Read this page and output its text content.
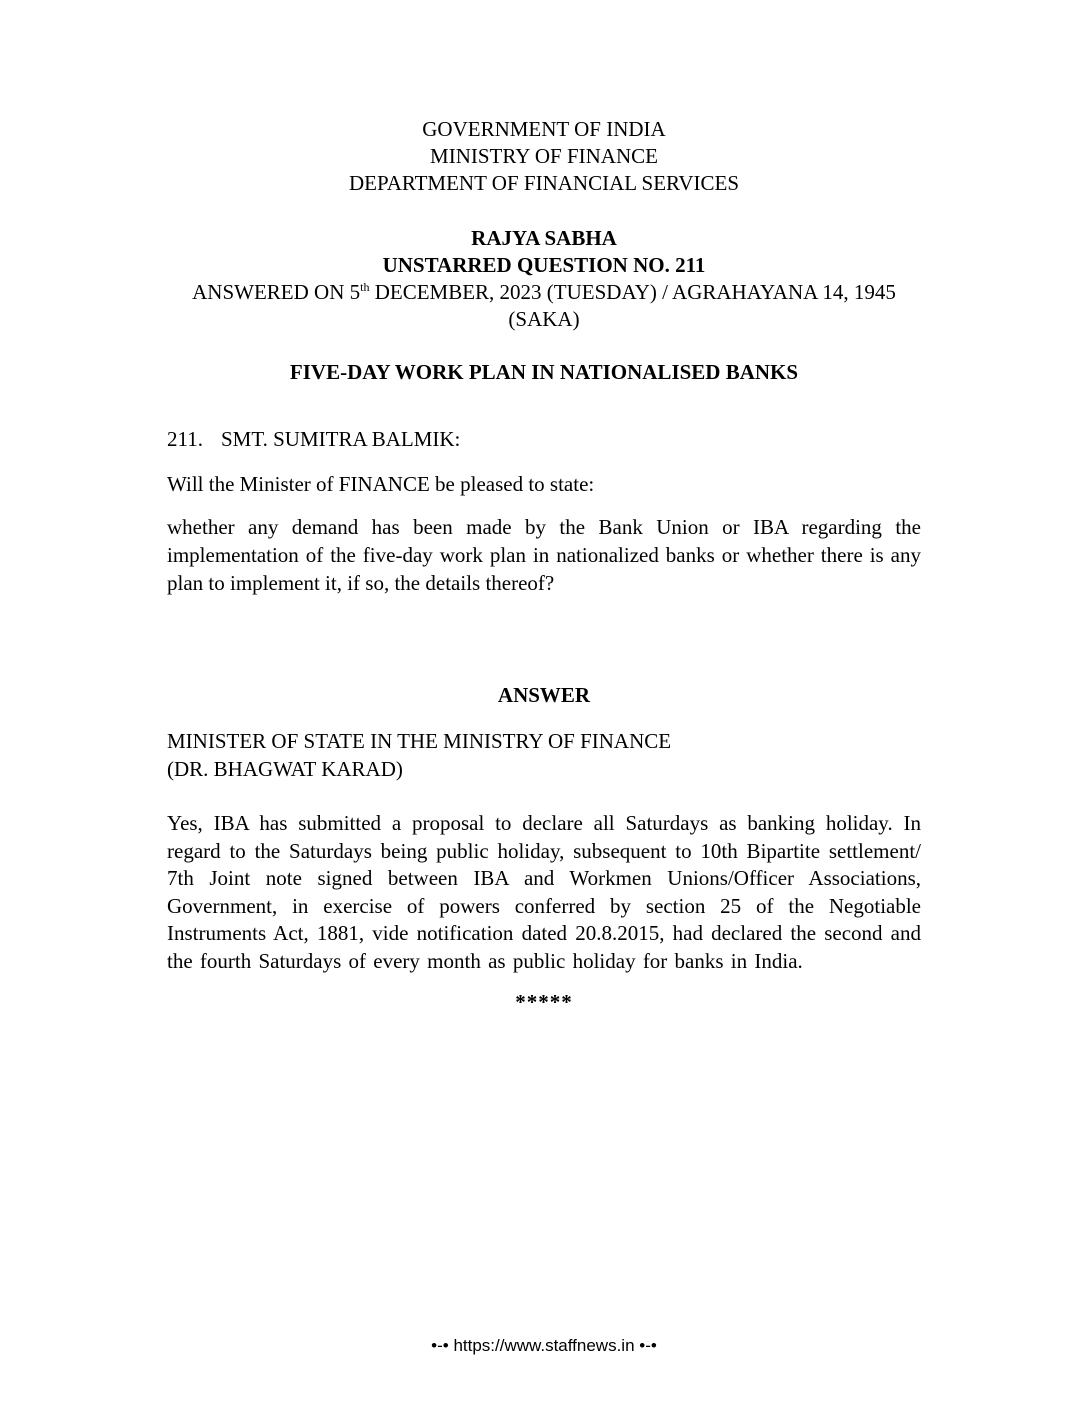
GOVERNMENT OF INDIA
MINISTRY OF FINANCE
DEPARTMENT OF FINANCIAL SERVICES
RAJYA SABHA
UNSTARRED QUESTION NO. 211
ANSWERED ON 5th DECEMBER, 2023 (TUESDAY) / AGRAHAYANA 14, 1945
(SAKA)
FIVE-DAY WORK PLAN IN NATIONALISED BANKS
211. SMT. SUMITRA BALMIK:
Will the Minister of FINANCE be pleased to state:
whether any demand has been made by the Bank Union or IBA regarding the implementation of the five-day work plan in nationalized banks or whether there is any plan to implement it, if so, the details thereof?
ANSWER
MINISTER OF STATE IN THE MINISTRY OF FINANCE
(DR. BHAGWAT KARAD)
Yes, IBA has submitted a proposal to declare all Saturdays as banking holiday. In regard to the Saturdays being public holiday, subsequent to 10th Bipartite settlement/ 7th Joint note signed between IBA and Workmen Unions/Officer Associations, Government, in exercise of powers conferred by section 25 of the Negotiable Instruments Act, 1881, vide notification dated 20.8.2015, had declared the second and the fourth Saturdays of every month as public holiday for banks in India.
*****
•-• https://www.staffnews.in •-•
